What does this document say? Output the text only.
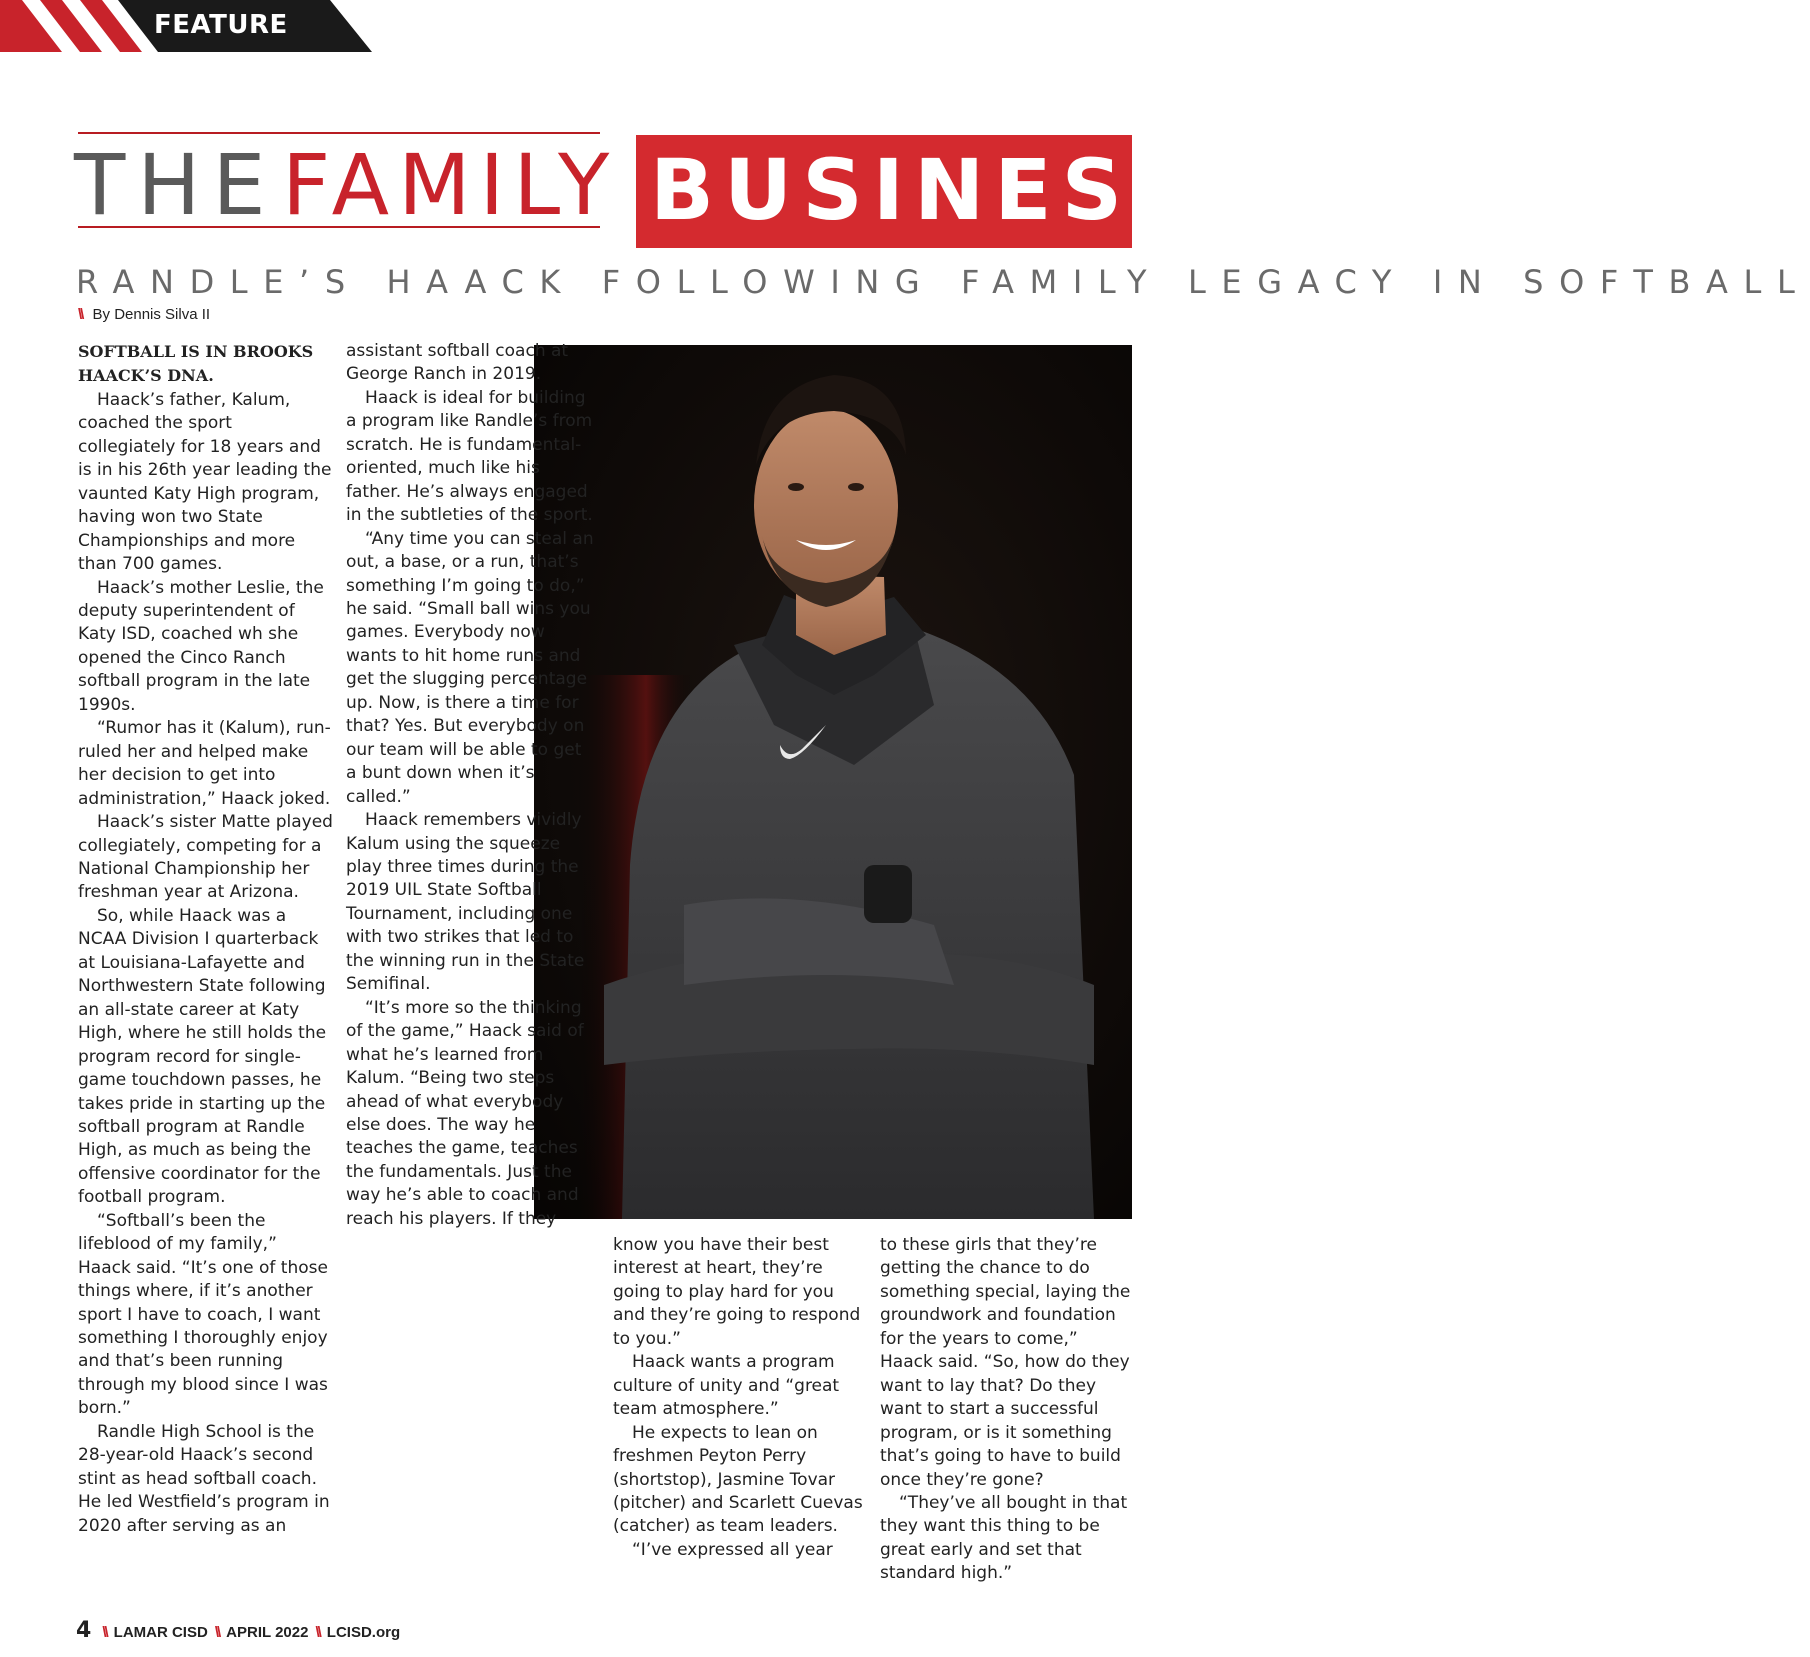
FEATURE
THE FAMILY BUSINESS
RANDLE’S HAACK FOLLOWING FAMILY LEGACY IN SOFTBALL
\\ By Dennis Silva II

SOFTBALL IS IN BROOKS HAACK’S DNA.

Haack’s father, Kalum, coached the sport collegiately for 18 years and is in his 26th year leading the vaunted Katy High program, having won two State Championships and more than 700 games.

Haack’s mother Leslie, the deputy superintendent of Katy ISD, coached wh she opened the Cinco Ranch softball program in the late 1990s.

“Rumor has it (Kalum), run-ruled her and helped make her decision to get into administration,” Haack joked.

Haack’s sister Matte played collegiately, competing for a National Championship her freshman year at Arizona.

So, while Haack was a NCAA Division I quarterback at Louisiana-Lafayette and Northwestern State following an all-state career at Katy High, where he still holds the program record for single-game touchdown passes, he takes pride in starting up the softball program at Randle High, as much as being the offensive coordinator for the football program.

“Softball’s been the lifeblood of my family,” Haack said. “It’s one of those things where, if it’s another sport I have to coach, I want something I thoroughly enjoy and that’s been running through my blood since I was born.”

Randle High School is the 28-year-old Haack’s second stint as head softball coach. He led Westfield’s program in 2020 after serving as an

assistant softball coach at George Ranch in 2019.

Haack is ideal for building a program like Randle’s from scratch. He is fundamental-oriented, much like his father. He’s always engaged in the subtleties of the sport.

“Any time you can steal an out, a base, or a run, that’s something I’m going to do,” he said. “Small ball wins you games. Everybody now wants to hit home runs and get the slugging percentage up. Now, is there a time for that? Yes. But everybody on our team will be able to get a bunt down when it’s called.”

Haack remembers vividly Kalum using the squeeze play three times during the 2019 UIL State Softball Tournament, including one with two strikes that led to the winning run in the State Semifinal.

“It’s more so the thinking of the game,” Haack said of what he’s learned from Kalum. “Being two steps ahead of what everybody else does. The way he teaches the game, teaches the fundamentals. Just the way he’s able to coach and reach his players. If they

know you have their best interest at heart, they’re going to play hard for you and they’re going to respond to you.”

Haack wants a program culture of unity and “great team atmosphere.”

He expects to lean on freshmen Peyton Perry (shortstop), Jasmine Tovar (pitcher) and Scarlett Cuevas (catcher) as team leaders.

“I’ve expressed all year

to these girls that they’re getting the chance to do something special, laying the groundwork and foundation for the years to come,” Haack said. “So, how do they want to lay that? Do they want to start a successful program, or is it something that’s going to have to build once they’re gone?

“They’ve all bought in that they want this thing to be great early and set that standard high.”

4 \\ LAMAR CISD \\ APRIL 2022 \\ LCISD.org
